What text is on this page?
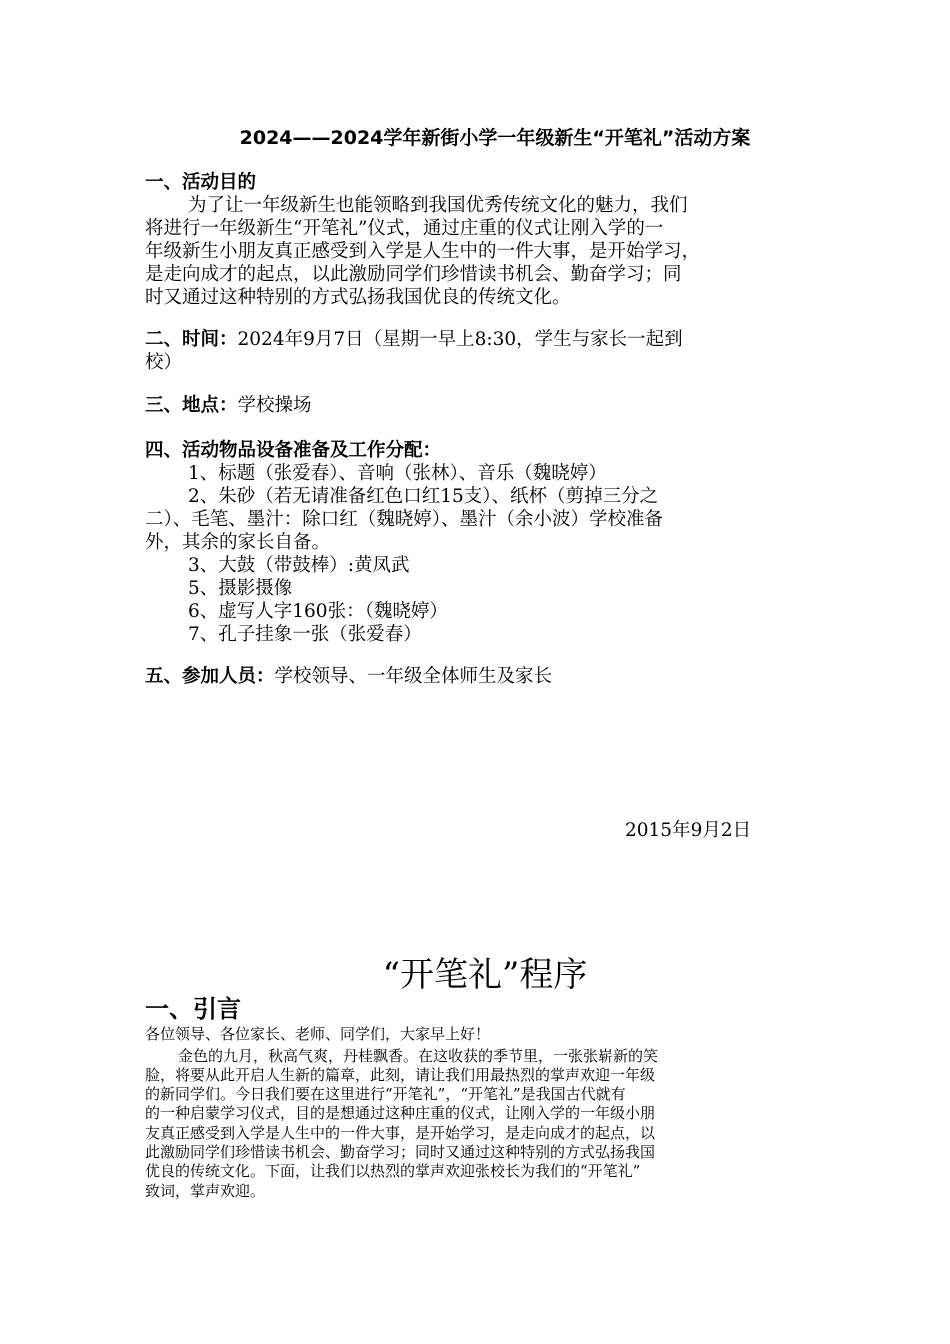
2024——2024学年新街小学一年级新生“开笔礼”活动方案
一、活动目的
为了让一年级新生也能领略到我国优秀传统文化的魅力，我们
将进行一年级新生“开笔礼”仪式，通过庄重的仪式让刚入学的一
年级新生小朋友真正感受到入学是人生中的一件大事，是开始学习，
是走向成才的起点，以此激励同学们珍惜读书机会、勤奋学习；同
时又通过这种特别的方式弘扬我国优良的传统文化。
二、时间：2024年9月7日（星期一早上8:30，学生与家长一起到
校）
三、地点：学校操场
四、活动物品设备准备及工作分配：
1、标题（张爱春）、音响（张林）、音乐（魏晓婷）
2、朱砂（若无请准备红色口红15支）、纸杯（剪掉三分之
二）、毛笔、墨汁：除口红（魏晓婷）、墨汁（余小波）学校准备
外，其余的家长自备。
3、大鼓（带鼓棒）:黄凤武
5、摄影摄像
6、虚写人字160张：（魏晓婷）
7、孔子挂象一张（张爱春）
五、参加人员：学校领导、一年级全体师生及家长
2015年9月2日
“开笔礼”程序
一、引言
各位领导、各位家长、老师、同学们，大家早上好！
金色的九月，秋高气爽，丹桂飘香。在这收获的季节里，一张张崭新的笑
脸，将要从此开启人生新的篇章，此刻，请让我们用最热烈的掌声欢迎一年级
的新同学们。今日我们要在这里进行“开笔礼”，“开笔礼”是我国古代就有
的一种启蒙学习仪式，目的是想通过这种庄重的仪式，让刚入学的一年级小朋
友真正感受到入学是人生中的一件大事，是开始学习，是走向成才的起点，以
此激励同学们珍惜读书机会、勤奋学习；同时又通过这种特别的方式弘扬我国
优良的传统文化。下面，让我们以热烈的掌声欢迎张校长为我们的“开笔礼”
致词，掌声欢迎。
